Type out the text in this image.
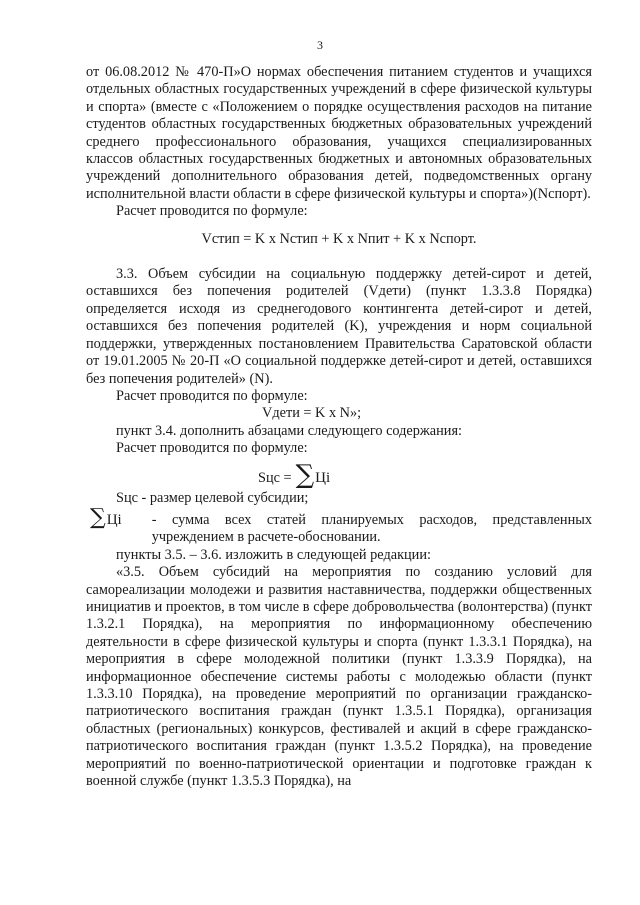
3

от 06.08.2012 № 470-П»О нормах обеспечения питанием студентов и учащихся отдельных областных государственных учреждений в сфере физической культуры и спорта» (вместе с «Положением о порядке осуществления расходов на питание студентов областных государственных бюджетных образовательных учреждений среднего профессионального образования, учащихся специализированных классов областных государственных бюджетных и автономных образовательных учреждений дополнительного образования детей, подведомственных органу исполнительной власти области в сфере физической культуры и спорта»)(Nспорт).

Расчет проводится по формуле:

Vстип = K x Nстип + K x Nпит + K x Nспорт.

3.3. Объем субсидии на социальную поддержку детей-сирот и детей, оставшихся без попечения родителей (Vдети) (пункт 1.3.3.8 Порядка) определяется исходя из среднегодового контингента детей-сирот и детей, оставшихся без попечения родителей (K), учреждения и норм социальной поддержки, утвержденных постановлением Правительства Саратовской области от 19.01.2005 № 20-П «О социальной поддержке детей-сирот и детей, оставшихся без попечения родителей» (N).

Расчет проводится по формуле:

Vдети = K x N»;

пункт 3.4. дополнить абзацами следующего содержания:

Расчет проводится по формуле:

Sцс = ∑ Цi

Sцс - размер целевой субсидии;

∑ Цi - сумма всех статей планируемых расходов, представленных учреждением в расчете-обосновании.

пункты 3.5. – 3.6. изложить в следующей редакции:

«3.5. Объем субсидий на мероприятия по созданию условий для самореализации молодежи и развития наставничества, поддержки общественных инициатив и проектов, в том числе в сфере добровольчества (волонтерства) (пункт 1.3.2.1 Порядка), на мероприятия по информационному обеспечению деятельности в сфере физической культуры и спорта (пункт 1.3.3.1 Порядка), на мероприятия в сфере молодежной политики (пункт 1.3.3.9 Порядка), на информационное обеспечение системы работы с молодежью области (пункт 1.3.3.10 Порядка), на проведение мероприятий по организации гражданско-патриотического воспитания граждан (пункт 1.3.5.1 Порядка), организация областных (региональных) конкурсов, фестивалей и акций в сфере гражданско-патриотического воспитания граждан (пункт 1.3.5.2 Порядка), на проведение мероприятий по военно-патриотической ориентации и подготовке граждан к военной службе (пункт 1.3.5.3 Порядка), на
